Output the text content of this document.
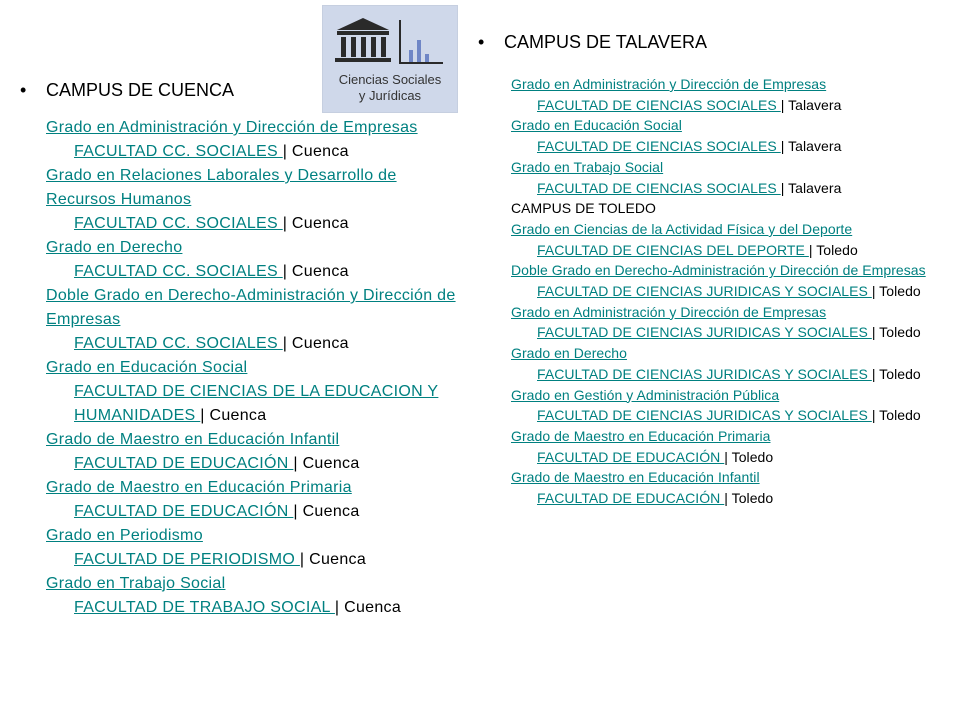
Ciencias Sociales
y Jurídicas
• CAMPUS DE CUENCA
Grado en Administración y Dirección de Empresas
FACULTAD CC. SOCIALES | Cuenca
Grado en Relaciones Laborales y Desarrollo de Recursos Humanos
FACULTAD CC. SOCIALES | Cuenca
Grado en Derecho
FACULTAD CC. SOCIALES | Cuenca
Doble Grado en Derecho-Administración y Dirección de Empresas
FACULTAD CC. SOCIALES | Cuenca
Grado en Educación Social
FACULTAD DE CIENCIAS DE LA EDUCACION Y HUMANIDADES | Cuenca
Grado de Maestro en Educación Infantil
FACULTAD DE EDUCACIÓN | Cuenca
Grado de Maestro en Educación Primaria
FACULTAD DE EDUCACIÓN | Cuenca
Grado en Periodismo
FACULTAD DE PERIODISMO | Cuenca
Grado en Trabajo Social
FACULTAD DE TRABAJO SOCIAL | Cuenca
• CAMPUS DE TALAVERA
Grado en Administración y Dirección de Empresas
FACULTAD DE CIENCIAS SOCIALES | Talavera
Grado en Educación Social
FACULTAD DE CIENCIAS SOCIALES | Talavera
Grado en Trabajo Social
FACULTAD DE CIENCIAS SOCIALES | Talavera
CAMPUS DE TOLEDO
Grado en Ciencias de la Actividad Física y del Deporte
FACULTAD DE CIENCIAS DEL DEPORTE | Toledo
Doble Grado en Derecho-Administración y Dirección de Empresas
FACULTAD DE CIENCIAS JURIDICAS Y SOCIALES | Toledo
Grado en Administración y Dirección de Empresas
FACULTAD DE CIENCIAS JURIDICAS Y SOCIALES | Toledo
Grado en Derecho
FACULTAD DE CIENCIAS JURIDICAS Y SOCIALES | Toledo
Grado en Gestión y Administración Pública
FACULTAD DE CIENCIAS JURIDICAS Y SOCIALES | Toledo
Grado de Maestro en Educación Primaria
FACULTAD DE EDUCACIÓN | Toledo
Grado de Maestro en Educación Infantil
FACULTAD DE EDUCACIÓN | Toledo
